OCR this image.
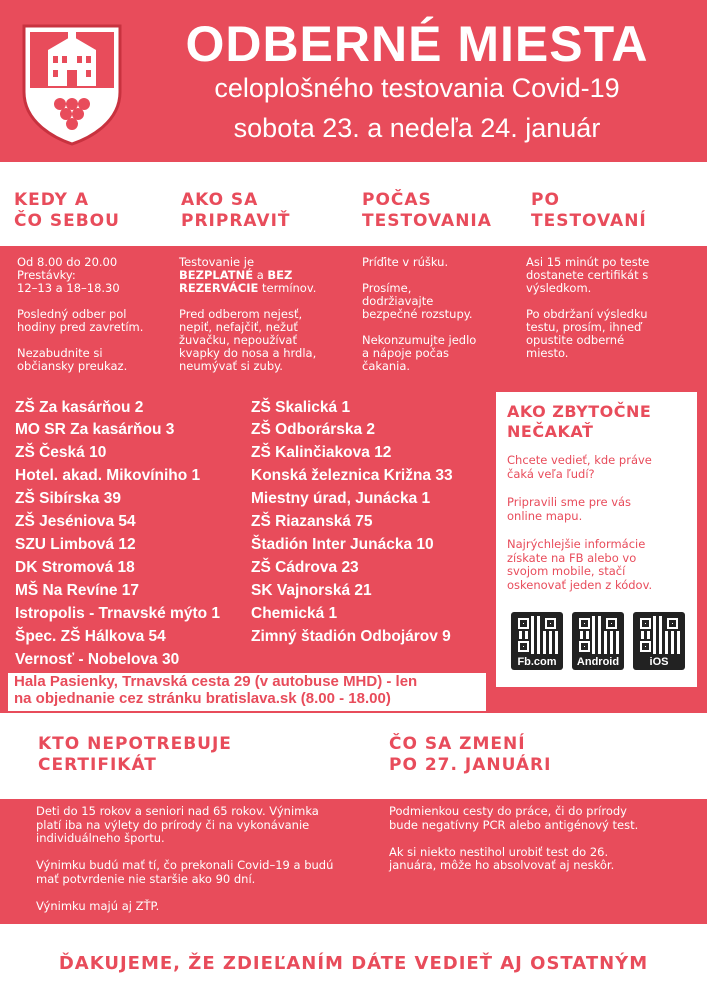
ODBERNÉ MIESTA
celoplošného testovania Covid-19
sobota 23. a nedeľa 24. január
KEDY A
ČO SEBOU
AKO SA
PRIPRAVIŤ
POČAS
TESTOVANIA
PO
TESTOVANÍ
Od 8.00 do 20.00
Prestávky:
12–13 a 18–18.30

Posledný odber pol
hodiny pred zavretím.

Nezabudnite si
občiansky preukaz.
Testovanie je
BEZPLATNÉ a BEZ
REZERVÁCIE termínov.

Pred odberom nejesť,
nepiť, nefajčiť, nežuť
žuvačku, nepoužívať
kvapky do nosa a hrdla,
neumývať si zuby.
Príďite v rúšku.

Prosíme,
dodržiavajte
bezpečné rozstupy.

Nekonzumujte jedlo
a nápoje počas
čakania.
Asi 15 minút po teste
dostanete certifikát s
výsledkom.

Po obdržaní výsledku
testu, prosím, ihneď
opustite odberné
miesto.
ZŠ Za kasárňou 2
MO SR Za kasárňou 3
ZŠ Česká 10
Hotel. akad. Mikovíniho 1
ZŠ Sibírska 39
ZŠ Jeséniova 54
SZU Limbová 12
DK Stromová 18
MŠ Na Revíne 17
Istropolis - Trnavské mýto 1
Špec. ZŠ Hálkova 54
Vernosť - Nobelova 30
ZŠ Skalická 1
ZŠ Odborárska 2
ZŠ Kalinčiakova 12
Konská železnica Križna 33
Miestny úrad, Junácka 1
ZŠ Riazanská 75
Štadión Inter Junácka 10
ZŠ Cádrova 23
SK Vajnorská 21
Chemická 1
Zimný štadión Odbojárov 9
Hala Pasienky, Trnavská cesta 29 (v autobuse MHD) - len
na objednanie cez stránku bratislava.sk (8.00 - 18.00)
AKO ZBYTOČNE
NEČAKAŤ
Chcete vedieť, kde práve
čaká veľa ľudí?
Pripravili sme pre vás
online mapu.
Najrýchlejšie informácie
získate na FB alebo vo
svojom mobile, stačí
oskenovať jeden z kódov.
Fb.com	Android	iOS
KTO NEPOTREBUJE
CERTIFIKÁT
ČO SA ZMENÍ
PO 27. JANUÁRI
Deti do 15 rokov a seniori nad 65 rokov. Výnimka
platí iba na výlety do prírody či na vykonávanie
individuálneho športu.

Výnimku budú mať tí, čo prekonali Covid–19 a budú
mať potvrdenie nie staršie ako 90 dní.

Výnimku majú aj ZŤP.
Podmienkou cesty do práce, či do prírody
bude negatívny PCR alebo antigénový test.

Ak si niekto nestihol urobiť test do 26.
januára, môže ho absolvovať aj neskôr.
ĎAKUJEME, ŽE ZDIEĽANÍM DÁTE VEDIEŤ AJ OSTATNÝM
